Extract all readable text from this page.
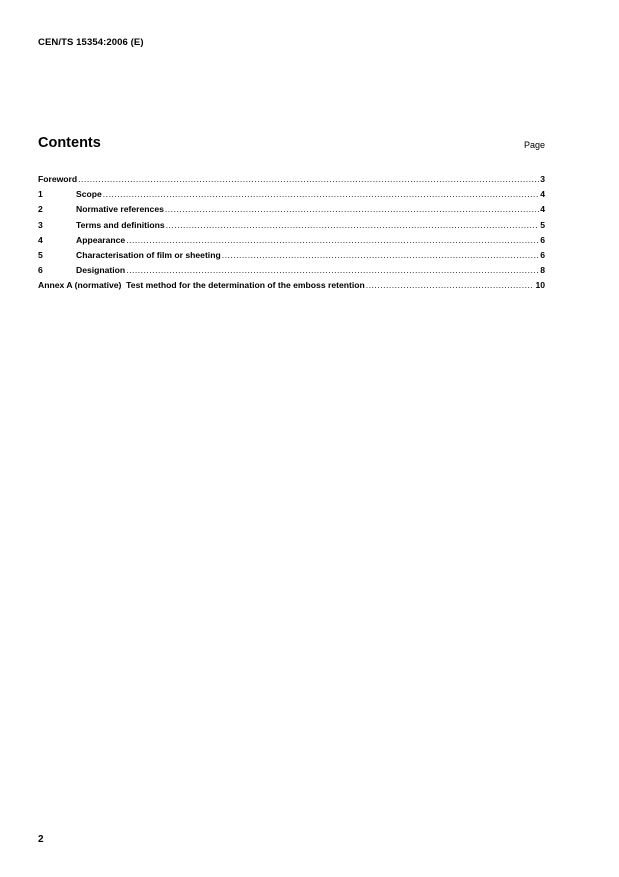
CEN/TS 15354:2006 (E)
Contents	Page
Foreword .....	3
1	Scope .....	4
2	Normative references .....	4
3	Terms and definitions .....	5
4	Appearance .....	6
5	Characterisation of film or sheeting .....	6
6	Designation .....	8
Annex A (normative)  Test method for the determination of the emboss retention .....	10
2
